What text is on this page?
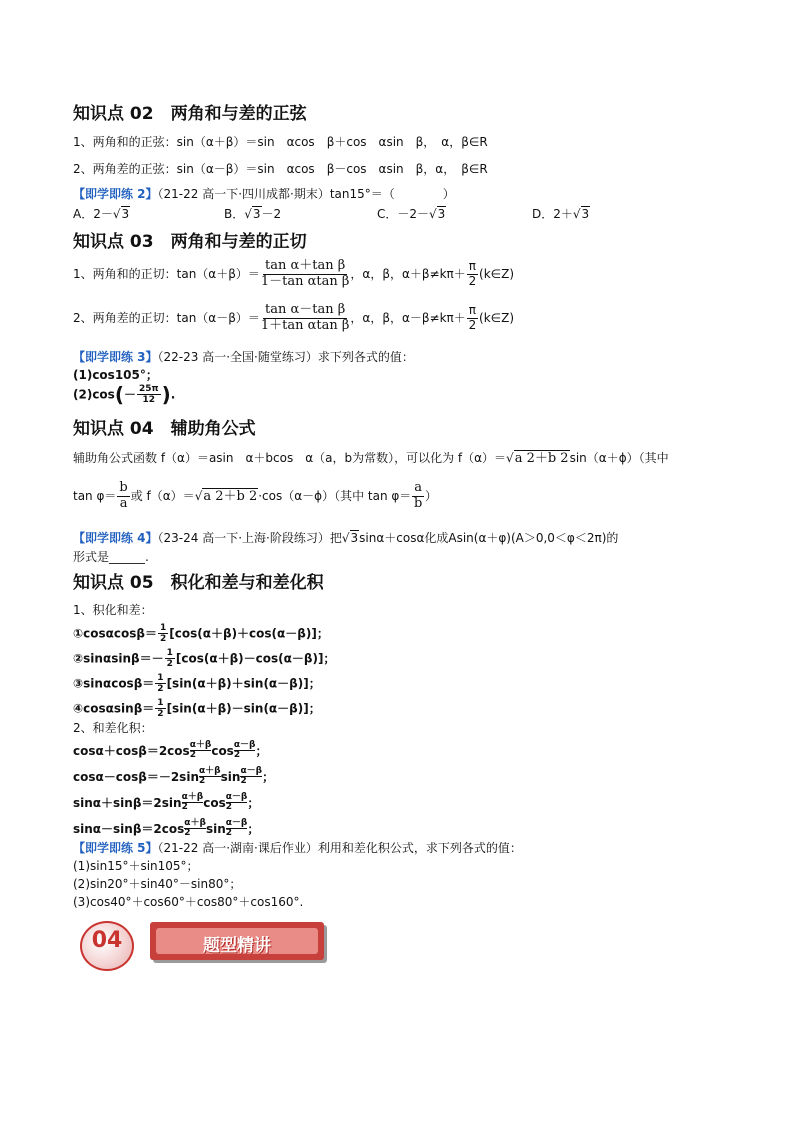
知识点 02　两角和与差的正弦
1、两角和的正弦：sin（α＋β）＝sin　αcos　β＋cos　αsin　β，　α，β∈R
2、两角差的正弦：sin（α－β）＝sin　αcos　β－cos　αsin　β，α，　β∈R
【即学即练 2】（21-22 高一下·四川成都·期末）tan15°＝（　　　　）
A．2－√3	B．√3－2	C．－2－√3	D．2＋√3
知识点 03　两角和与差的正切
1、两角和的正切：$\tan(\alpha+\beta)= \frac{\text{tan α＋tan β}}{\text{1－tan αtan β}}$ ，α，β，$\alpha+\beta\ne k\pi+ \frac{\pi}{2}$ (k∈Z)
2、两角差的正切：$\tan(\alpha-\beta)= \frac{\text{tan α－tan β}}{\text{1＋tan αtan β}}$ ，α，β，$\alpha-\beta\ne k\pi+ \frac{\pi}{2}$ (k∈Z)
【即学即练 3】（22-23 高一·全国·随堂练习）求下列各式的值：
(1)cos105°；
$(2)\cos(- \frac{25\pi}{12}$ ).
知识点 04　辅助角公式
辅助角公式函数 f（α）＝asin　α＋bcos　α（a，b为常数），可以化为 f（α）＝√a 2＋b 2sin（α＋ϕ）（其中
$\tan \varphi= \frac{b}{a}$ 或 f（α）＝√a 2＋b 2·cos（α－ϕ）（其中 $\tan \varphi= \frac{a}{b}$ ）
【即学即练 4】（23-24 高一下·上海·阶段练习）把√3sinα＋cosα化成Asin(α＋φ)(A＞0,0＜φ＜2π)的
形式是______.
知识点 05　积化和差与和差化积
1、积化和差：
①cosαcosβ＝ $\frac{1}{2} [\cos(\alpha+\beta)+\cos(\alpha-\beta)]$；
②sinαsinβ＝－ $\frac{1}{2} [\cos(\alpha+\beta)-\cos(\alpha-\beta)]$；
③sinαcosβ＝ $\frac{1}{2} [\sin(\alpha+\beta)+\sin(\alpha-\beta)]$；
④cosαsinβ＝ $\frac{1}{2} [\sin(\alpha+\beta)-\sin(\alpha-\beta)]$；
2、和差化积：
$\cos\alpha+\cos\beta=2\cos \frac{\alpha+\beta}{2}$ $\cos \frac{\alpha-\beta}{2}$ ；
$\cos\alpha-\cos\beta=-2\sin \frac{\alpha+\beta}{2}$ $\sin \frac{\alpha-\beta}{2}$ ；
$\sin\alpha+\sin\beta=2\sin \frac{\alpha+\beta}{2}$ $\cos \frac{\alpha-\beta}{2}$ ；
$\sin\alpha-\sin\beta=2\cos \frac{\alpha+\beta}{2}$ $\sin \frac{\alpha-\beta}{2}$ ；
【即学即练 5】（21-22 高一·湖南·课后作业）利用和差化积公式，求下列各式的值：
(1)sin15°＋sin105°；
(2)sin20°＋sin40°－sin80°；
(3)cos40°＋cos60°＋cos80°＋cos160°.
04	题型精讲
